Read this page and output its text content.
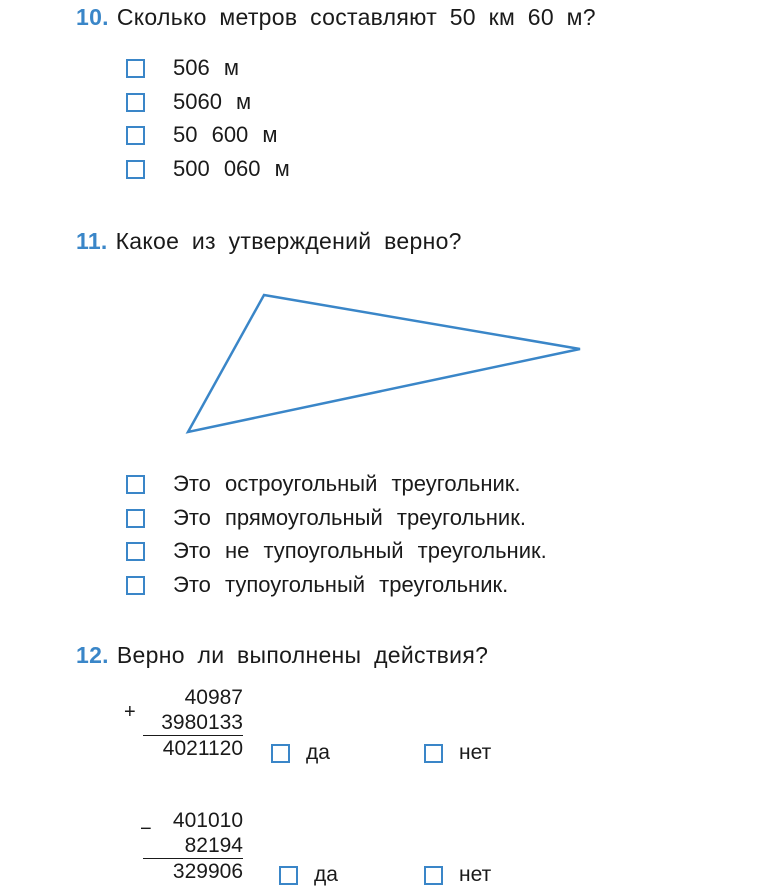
10. Сколько метров составляют 50 км 60 м?
506 м
5060 м
50 600 м
500 060 м
11. Какое из утверждений верно?
Это остроугольный треугольник.
Это прямоугольный треугольник.
Это не тупоугольный треугольник.
Это тупоугольный треугольник.
12. Верно ли выполнены действия?
+
40987
3980133
4021120	да	нет
−	401010
82194
329906	да	нет
